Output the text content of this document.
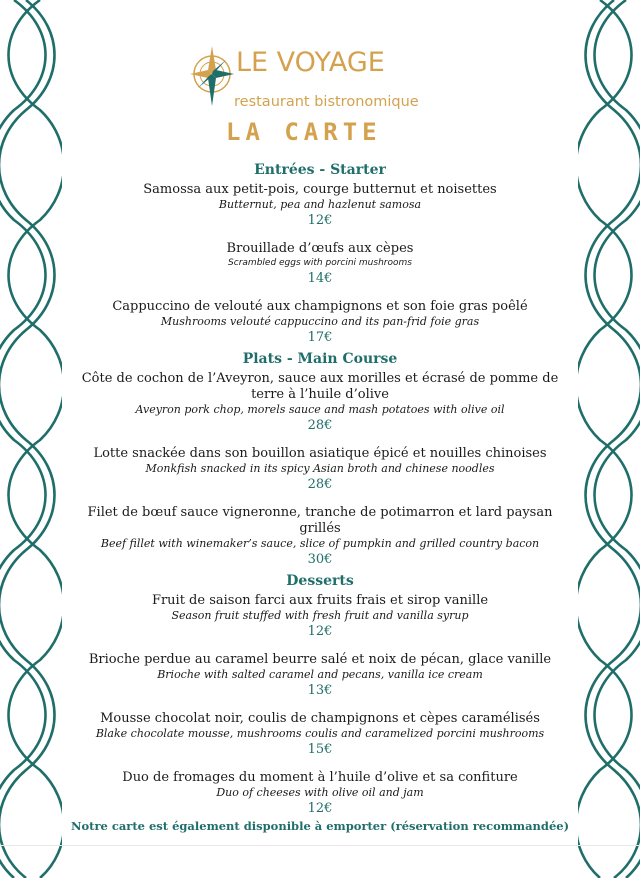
LE VOYAGE
restaurant bistronomique
LA CARTE
Entrées - Starter
Samossa aux petit-pois, courge butternut et noisettes
Butternut, pea and hazlenut samosa
12€
Brouillade d’œufs aux cèpes
Scrambled eggs with porcini mushrooms
14€
Cappuccino de velouté aux champignons et son foie gras poêlé
Mushrooms velouté cappuccino and its pan-frid foie gras
17€
Plats - Main Course
Côte de cochon de l’Aveyron, sauce aux morilles et écrasé de pomme de terre à l’huile d’olive
Aveyron pork chop, morels sauce and mash potatoes with olive oil
28€
Lotte snackée dans son bouillon asiatique épicé et nouilles chinoises
Monkfish snacked in its spicy Asian broth and chinese noodles
28€
Filet de bœuf sauce vigneronne, tranche de potimarron et lard paysan grillés
Beef fillet with winemaker’s sauce, slice of pumpkin and grilled country bacon
30€
Desserts
Fruit de saison farci aux fruits frais et sirop vanille
Season fruit stuffed with fresh fruit and vanilla syrup
12€
Brioche perdue au caramel beurre salé et noix de pécan, glace vanille
Brioche with salted caramel and pecans, vanilla ice cream
13€
Mousse chocolat noir, coulis de champignons et cèpes caramélisés
Blake chocolate mousse, mushrooms coulis and caramelized porcini mushrooms
15€
Duo de fromages du moment à l’huile d’olive et sa confiture
Duo of cheeses with olive oil and jam
12€
Notre carte est également disponible à emporter (réservation recommandée)
